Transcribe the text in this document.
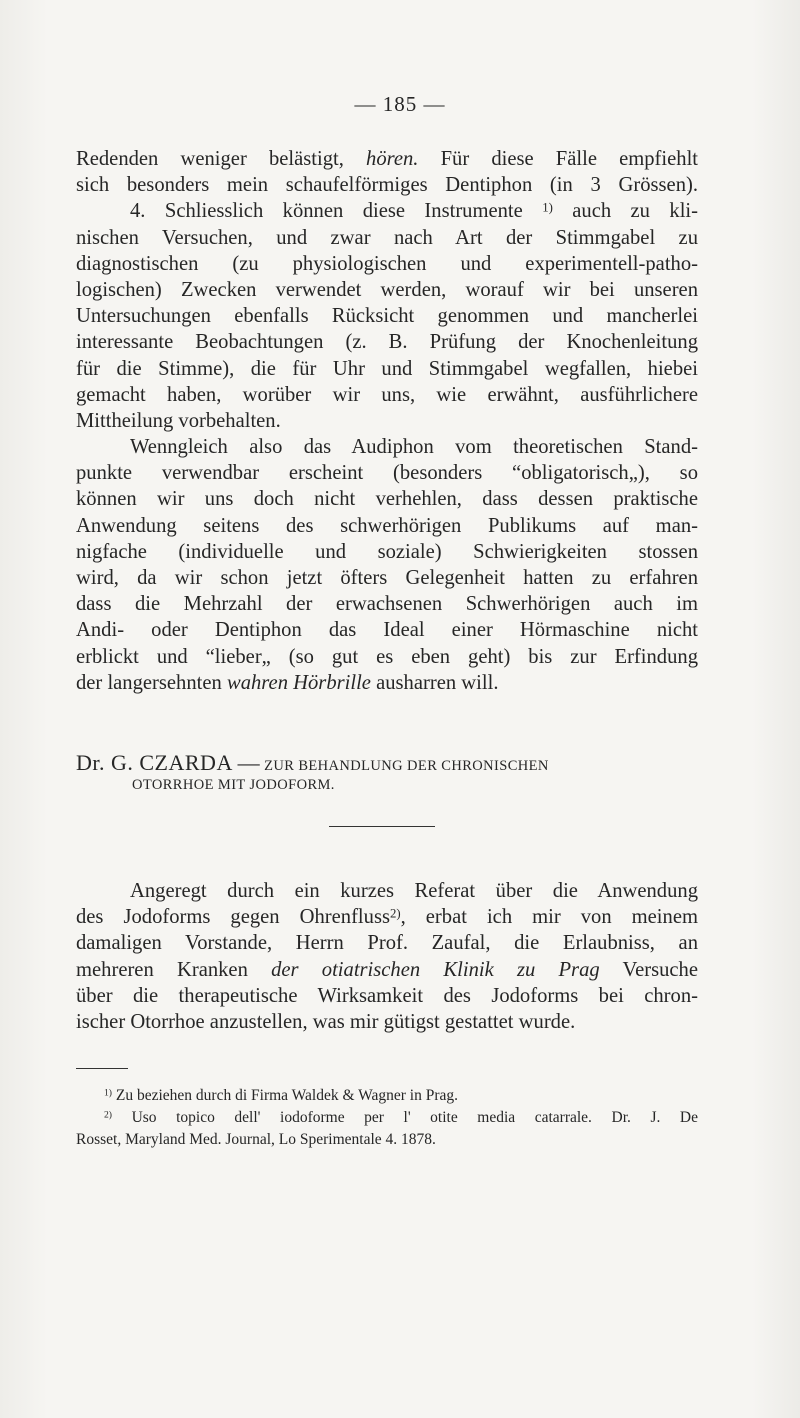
— 185 —
Redenden weniger belästigt, hören. Für diese Fälle empfiehlt
sich besonders mein schaufelförmiges Dentiphon (in 3 Grössen).
4. Schliesslich können diese Instrumente $^{1)}$ auch zu kli-
nischen Versuchen, und zwar nach Art der Stimmgabel zu
diagnostischen (zu physiologischen und experimentell-patho-
logischen) Zwecken verwendet werden, worauf wir bei unseren
Untersuchungen ebenfalls Rücksicht genommen und mancherlei
interessante Beobachtungen (z. B. Prüfung der Knochenleitung
für die Stimme), die für Uhr und Stimmgabel wegfallen, hiebei
gemacht haben, worüber wir uns, wie erwähnt, ausführlichere
Mittheilung vorbehalten.
Wenngleich also das Audiphon vom theoretischen Stand-
punkte verwendbar erscheint (besonders “obligatorisch„), so
können wir uns doch nicht verhehlen, dass dessen praktische
Anwendung seitens des schwerhörigen Publikums auf man-
nigfache (individuelle und soziale) Schwierigkeiten stossen
wird, da wir schon jetzt öfters Gelegenheit hatten zu erfahren
dass die Mehrzahl der erwachsenen Schwerhörigen auch im
Andi- oder Dentiphon das Ideal einer Hörmaschine nicht
erblickt und “lieber„ (so gut es eben geht) bis zur Erfindung
der langersehnten wahren Hörbrille ausharren will.
Dr. G. CZARDA — ZUR BEHANDLUNG DER CHRONISCHEN
OTORRHOE MIT JODOFORM.
Angeregt durch ein kurzes Referat über die Anwendung
des Jodoforms gegen Ohrenfluss$^{2)}$, erbat ich mir von meinem
damaligen Vorstande, Herrn Prof. Zaufal, die Erlaubniss, an
mehreren Kranken der otiatrischen Klinik zu Prag Versuche
über die therapeutische Wirksamkeit des Jodoforms bei chron-
ischer Otorrhoe anzustellen, was mir gütigst gestattet wurde.
$^{1)}$ Zu beziehen durch di Firma Waldek & Wagner in Prag.
$^{2)}$ Uso topico dell' iodoforme per l' otite media catarrale. Dr. J. De
Rosset, Maryland Med. Journal, Lo Sperimentale 4. 1878.
